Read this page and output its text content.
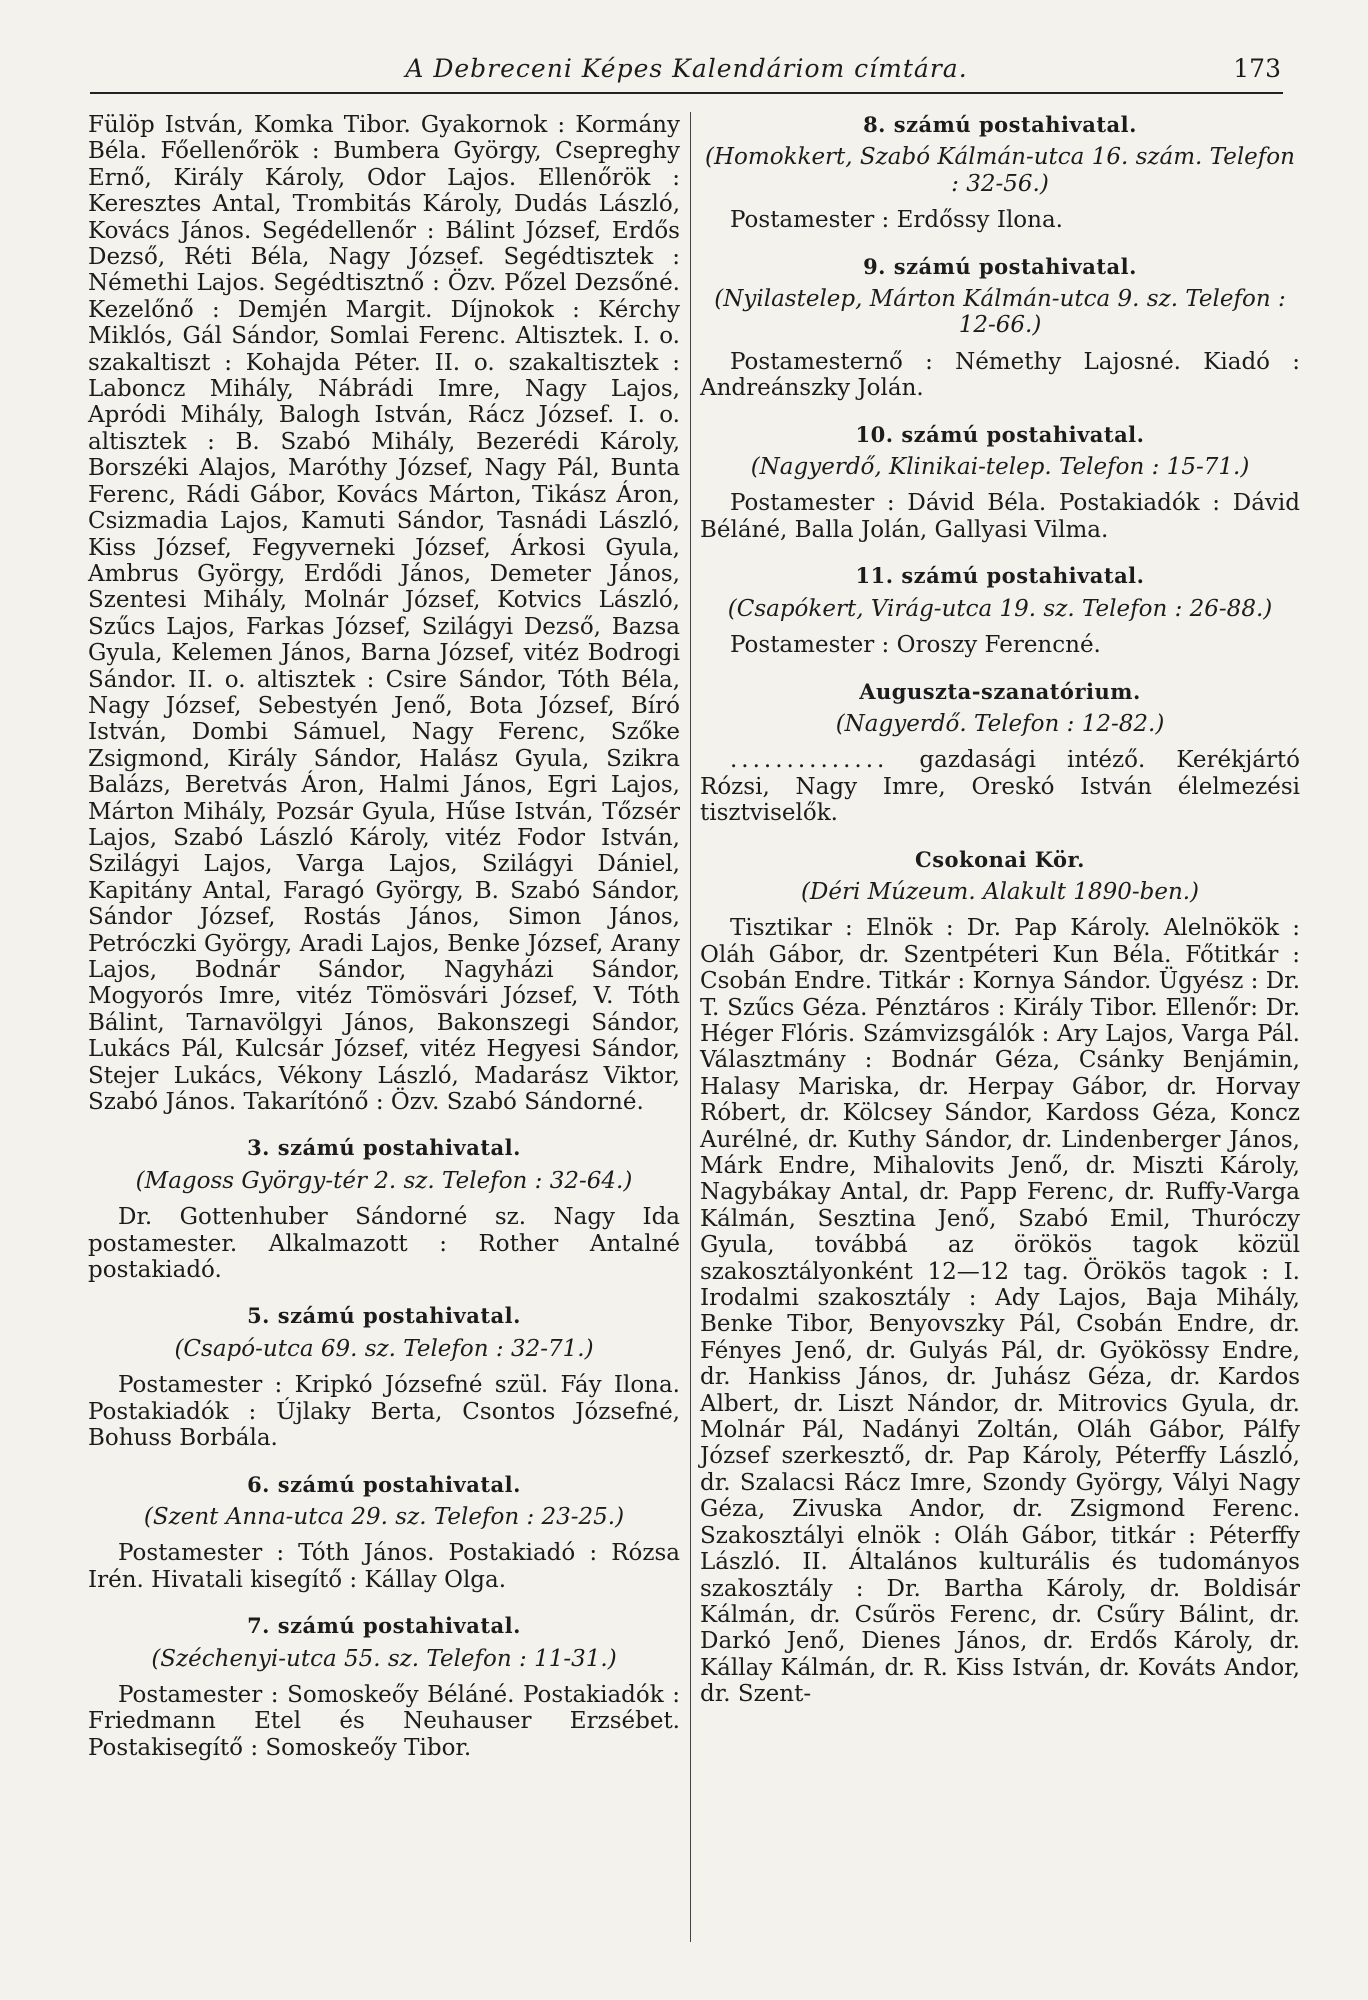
A Debreceni Képes Kalendáriom címtára.	173

Fülöp István, Komka Tibor. Gyakornok : Kormány Béla. Főellenőrök : Bumbera György, Csepreghy Ernő, Király Károly, Odor Lajos. Ellenőrök : Keresztes Antal, Trombitás Károly, Dudás László, Kovács János. Segédellenőr : Bálint József, Erdős Dezső, Réti Béla, Nagy József. Segédtisztek : Némethi Lajos. Segédtisztnő : Özv. Pőzel Dezsőné. Kezelőnő : Demjén Margit. Díjnokok : Kérchy Miklós, Gál Sándor, Somlai Ferenc. Altisztek. I. o. szakaltiszt : Kohajda Péter. II. o. szakaltisztek : Laboncz Mihály, Nábrádi Imre, Nagy Lajos, Apródi Mihály, Balogh István, Rácz József. I. o. altisztek : B. Szabó Mihály, Bezerédi Károly, Borszéki Alajos, Maróthy József, Nagy Pál, Bunta Ferenc, Rádi Gábor, Kovács Márton, Tikász Áron, Csizmadia Lajos, Kamuti Sándor, Tasnádi László, Kiss József, Fegyverneki József, Árkosi Gyula, Ambrus György, Erdődi János, Demeter János, Szentesi Mihály, Molnár József, Kotvics László, Szűcs Lajos, Farkas József, Szilágyi Dezső, Bazsa Gyula, Kelemen János, Barna József, vitéz Bodrogi Sándor. II. o. altisztek : Csire Sándor, Tóth Béla, Nagy József, Sebestyén Jenő, Bota József, Bíró István, Dombi Sámuel, Nagy Ferenc, Szőke Zsigmond, Király Sándor, Halász Gyula, Szikra Balázs, Beretvás Áron, Halmi János, Egri Lajos, Márton Mihály, Pozsár Gyula, Hűse István, Tőzsér Lajos, Szabó László Károly, vitéz Fodor István, Szilágyi Lajos, Varga Lajos, Szilágyi Dániel, Kapitány Antal, Faragó György, B. Szabó Sándor, Sándor József, Rostás János, Simon János, Petróczki György, Aradi Lajos, Benke József, Arany Lajos, Bodnár Sándor, Nagyházi Sándor, Mogyorós Imre, vitéz Tömösvári József, V. Tóth Bálint, Tarnavölgyi János, Bakonszegi Sándor, Lukács Pál, Kulcsár József, vitéz Hegyesi Sándor, Stejer Lukács, Vékony László, Madarász Viktor, Szabó János. Takarítónő : Özv. Szabó Sándorné.

3. számú postahivatal.
(Magoss György-tér 2. sz. Telefon : 32-64.)

Dr. Gottenhuber Sándorné sz. Nagy Ida postamester. Alkalmazott : Rother Antalné postakiadó.

5. számú postahivatal.
(Csapó-utca 69. sz. Telefon : 32-71.)

Postamester : Kripkó Józsefné szül. Fáy Ilona. Postakiadók : Újlaky Berta, Csontos Józsefné, Bohuss Borbála.

6. számú postahivatal.
(Szent Anna-utca 29. sz. Telefon : 23-25.)

Postamester : Tóth János. Postakiadó : Rózsa Irén. Hivatali kisegítő : Kállay Olga.

7. számú postahivatal.
(Széchenyi-utca 55. sz. Telefon : 11-31.)

Postamester : Somoskeőy Béláné. Postakiadók : Friedmann Etel és Neuhauser Erzsébet. Postakisegítő : Somoskeőy Tibor.

8. számú postahivatal.
(Homokkert, Szabó Kálmán-utca 16. szám. Telefon : 32-56.)

Postamester : Erdőssy Ilona.

9. számú postahivatal.
(Nyilastelep, Márton Kálmán-utca 9. sz. Telefon : 12-66.)

Postamesternő : Némethy Lajosné. Kiadó : Andreánszky Jolán.

10. számú postahivatal.
(Nagyerdő, Klinikai-telep. Telefon : 15-71.)

Postamester : Dávid Béla. Postakiadók : Dávid Béláné, Balla Jolán, Gallyasi Vilma.

11. számú postahivatal.
(Csapókert, Virág-utca 19. sz. Telefon : 26-88.)

Postamester : Oroszy Ferencné.

Auguszta-szanatórium.
(Nagyerdő. Telefon : 12-82.)

.............. gazdasági intéző. Kerékjártó Rózsi, Nagy Imre, Oreskó István élelmezési tisztviselők.

Csokonai Kör.
(Déri Múzeum. Alakult 1890-ben.)

Tisztikar : Elnök : Dr. Pap Károly. Alelnökök : Oláh Gábor, dr. Szentpéteri Kun Béla. Főtitkár : Csobán Endre. Titkár : Kornya Sándor. Ügyész : Dr. T. Szűcs Géza. Pénztáros : Király Tibor. Ellenőr: Dr. Héger Flóris. Számvizsgálók : Ary Lajos, Varga Pál. Választmány : Bodnár Géza, Csánky Benjámin, Halasy Mariska, dr. Herpay Gábor, dr. Horvay Róbert, dr. Kölcsey Sándor, Kardoss Géza, Koncz Aurélné, dr. Kuthy Sándor, dr. Lindenberger János, Márk Endre, Mihalovits Jenő, dr. Miszti Károly, Nagybákay Antal, dr. Papp Ferenc, dr. Ruffy-Varga Kálmán, Sesztina Jenő, Szabó Emil, Thuróczy Gyula, továbbá az örökös tagok közül szakosztályonként 12—12 tag. Örökös tagok : I. Irodalmi szakosztály : Ady Lajos, Baja Mihály, Benke Tibor, Benyovszky Pál, Csobán Endre, dr. Fényes Jenő, dr. Gulyás Pál, dr. Gyökössy Endre, dr. Hankiss János, dr. Juhász Géza, dr. Kardos Albert, dr. Liszt Nándor, dr. Mitrovics Gyula, dr. Molnár Pál, Nadányi Zoltán, Oláh Gábor, Pálfy József szerkesztő, dr. Pap Károly, Péterffy László, dr. Szalacsi Rácz Imre, Szondy György, Vályi Nagy Géza, Zivuska Andor, dr. Zsigmond Ferenc. Szakosztályi elnök : Oláh Gábor, titkár : Péterffy László. II. Általános kulturális és tudományos szakosztály : Dr. Bartha Károly, dr. Boldisár Kálmán, dr. Csűrös Ferenc, dr. Csűry Bálint, dr. Darkó Jenő, Dienes János, dr. Erdős Károly, dr. Kállay Kálmán, dr. R. Kiss István, dr. Kováts Andor, dr. Szent-
